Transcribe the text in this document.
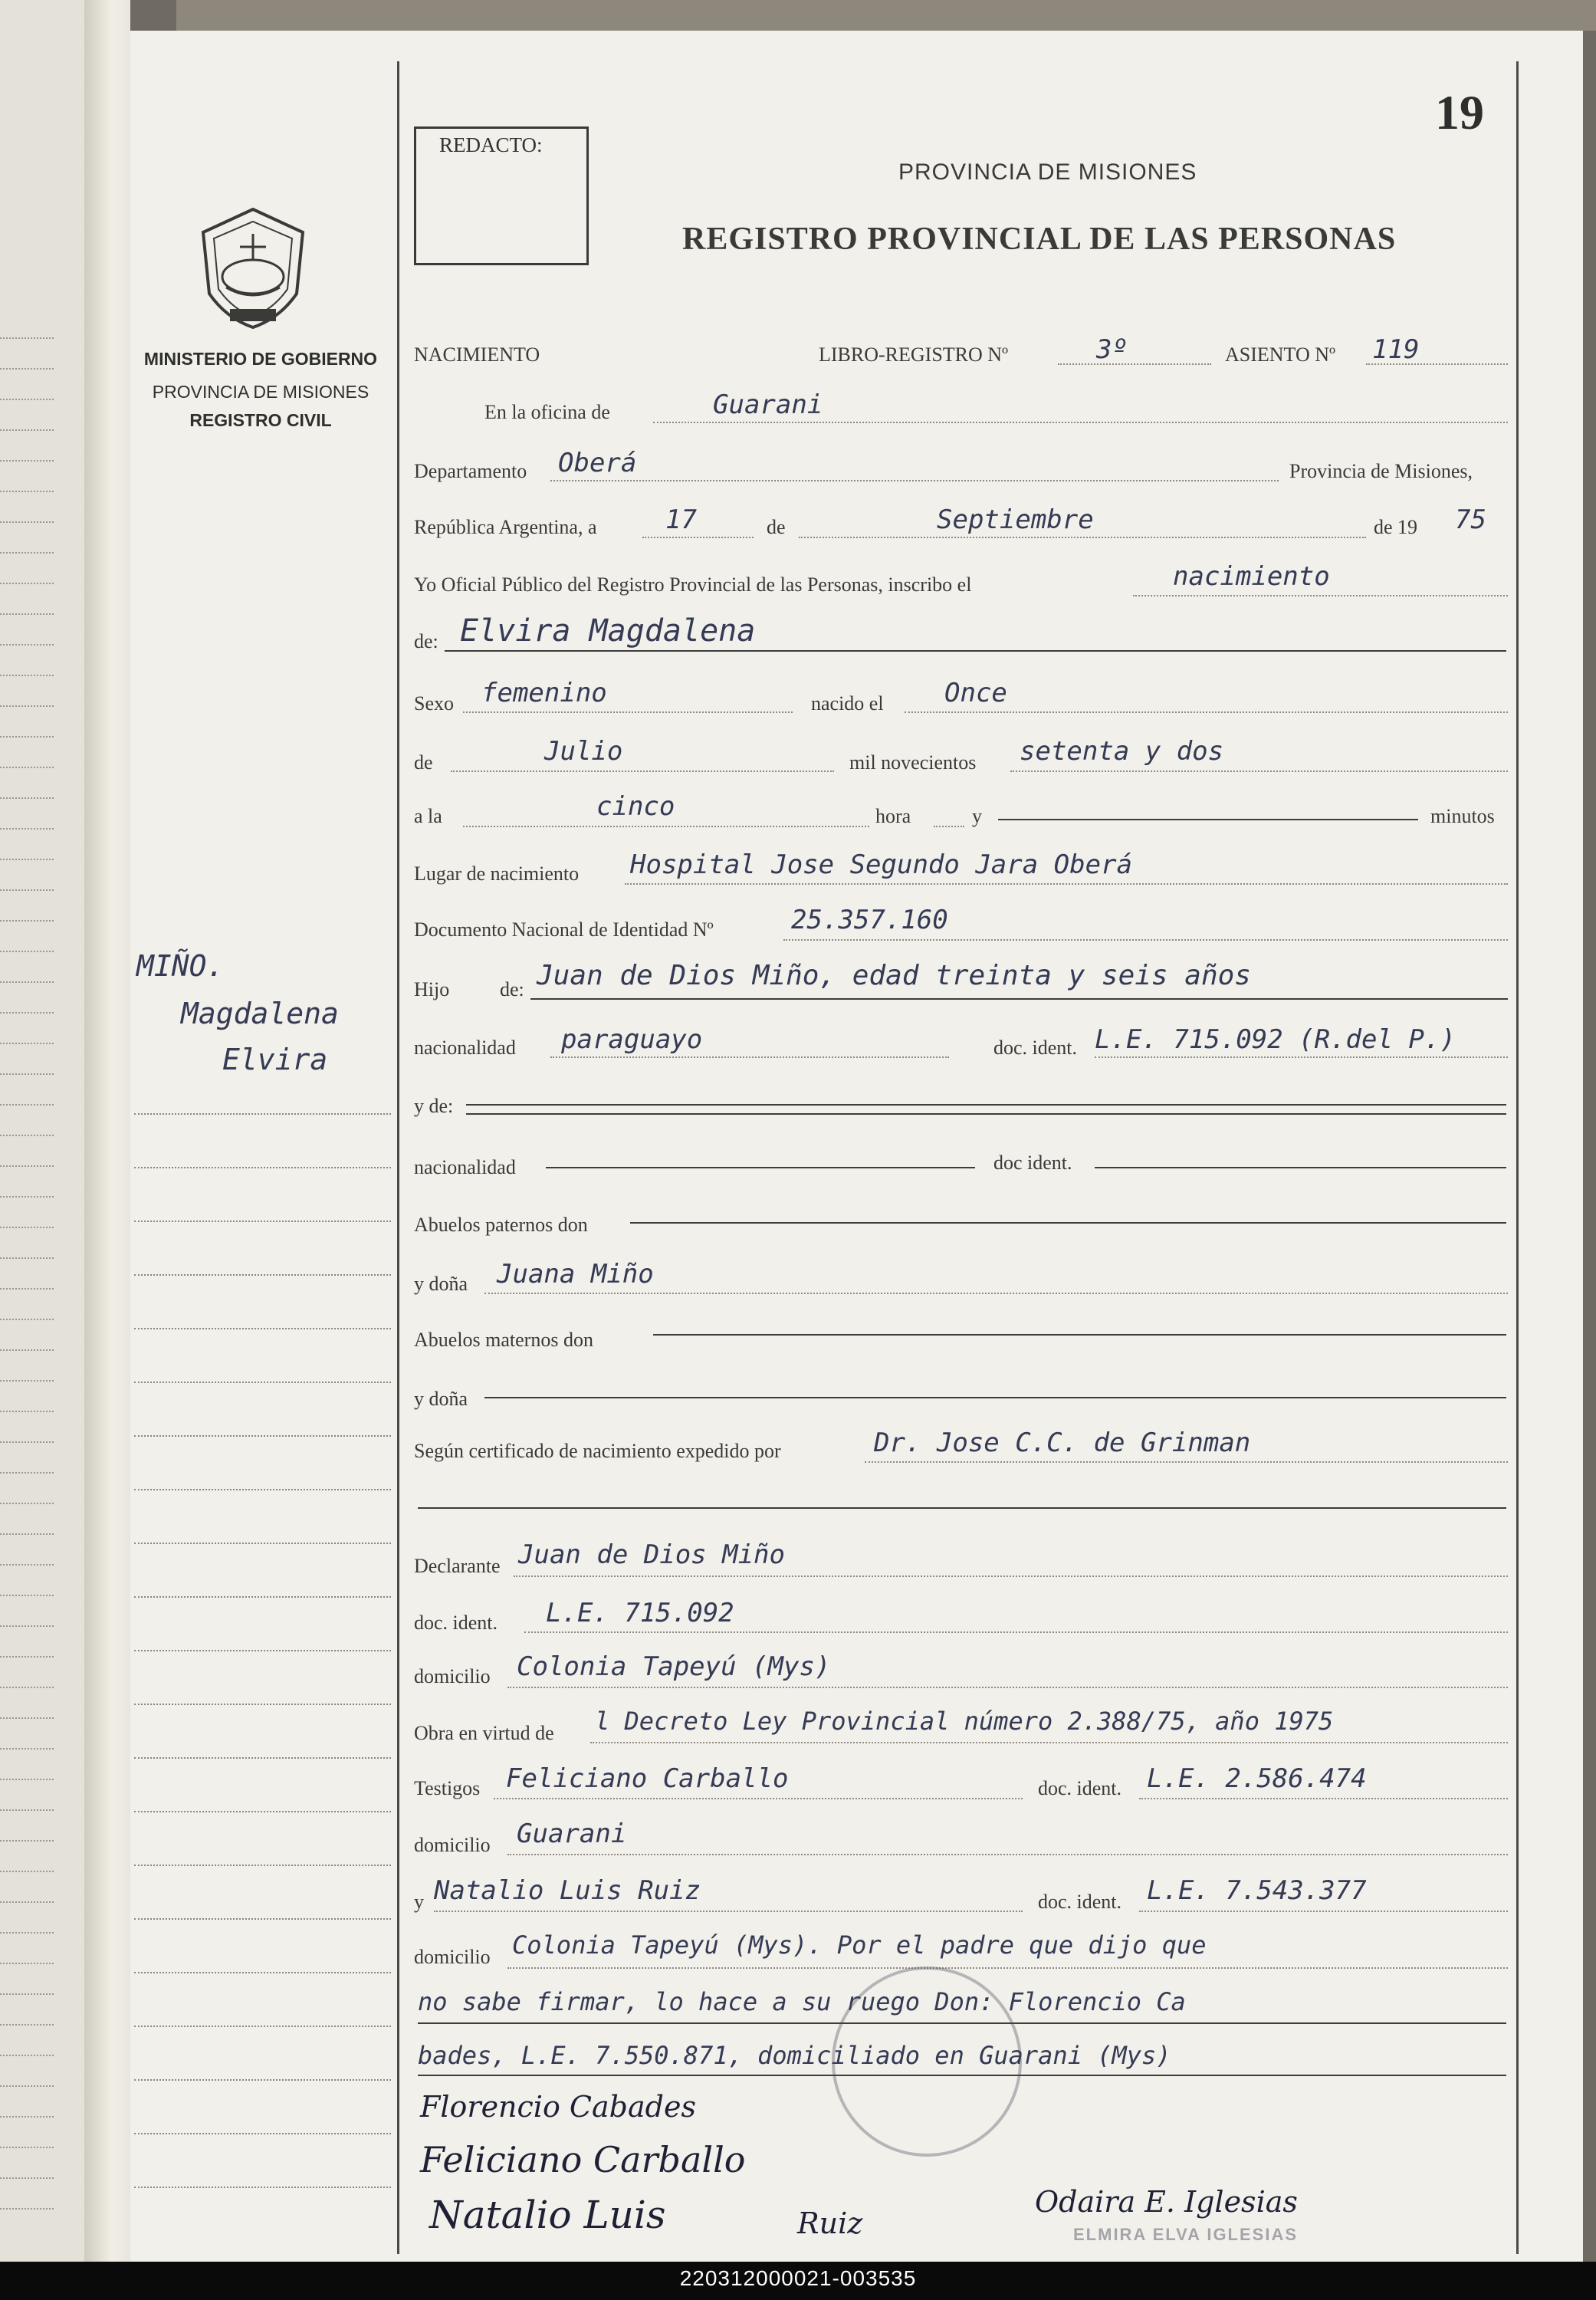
19
REDACTO:
PROVINCIA DE MISIONES
REGISTRO PROVINCIAL DE LAS PERSONAS
MINISTERIO DE GOBIERNO
PROVINCIA DE MISIONES
REGISTRO CIVIL
MIÑO.
Magdalena
Elvira
NACIMIENTO	LIBRO-REGISTRO Nº	3º	ASIENTO Nº 119
En la oficina de	Guarani
Departamento Oberá	Provincia de Misiones,
República Argentina, a	17	de	Septiembre	de 19 75
Yo Oficial Público del Registro Provincial de las Personas, inscribo el	nacimiento
de: Elvira Magdalena
Sexo femenino	nacido el Once
de	Julio	mil novecientos setenta y dos
a la	cinco	hora	y	minutos
Lugar de nacimiento Hospital Jose Segundo Jara Oberá
Documento Nacional de Identidad Nº	25.357.160
Hijo	de: Juan de Dios Miño, edad treinta y seis años
nacionalidad paraguayo	doc. ident. L.E. 715.092 (R.del P.)
y de:
nacionalidad	doc ident.
Abuelos paternos don
y doña Juana Miño
Abuelos maternos don
y doña
Según certificado de nacimiento expedido por	Dr. Jose C.C. de Grinman
Declarante Juan de Dios Miño
doc. ident. L.E. 715.092
domicilio Colonia Tapeyú (Mys)
Obra en virtud de l Decreto Ley Provincial número 2.388/75, año 1975
Testigos Feliciano Carballo	doc. ident. L.E. 2.586.474
domicilio Guarani
y Natalio Luis Ruiz	doc. ident. L.E. 7.543.377
domicilio Colonia Tapeyú (Mys). Por el padre que dijo que
no sabe firmar, lo hace a su ruego Don: Florencio Ca
bades, L.E. 7.550.871, domiciliado en Guarani (Mys)
Florencio Cabades
Feliciano Carballo
Natalio Luis	Ruiz
Odaira E. Iglesias
ELMIRA ELVA IGLESIAS
220312000021-003535
